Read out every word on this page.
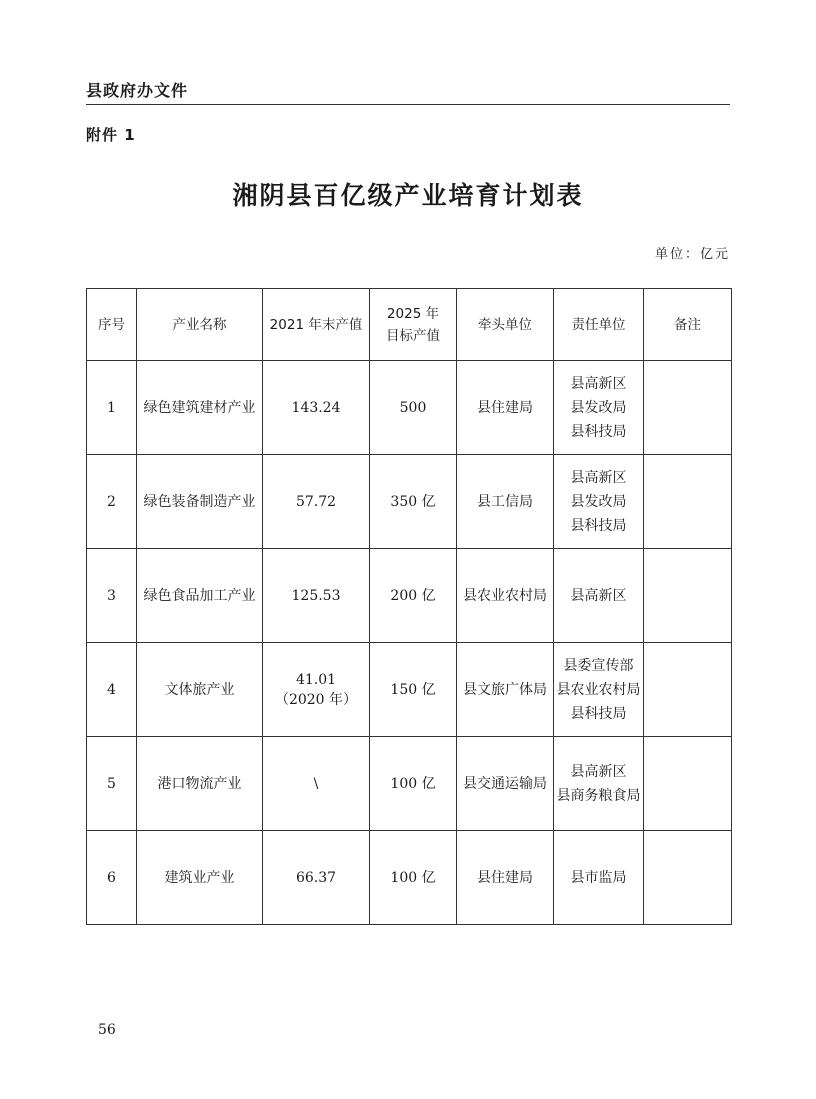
县政府办文件
附件 1
湘阴县百亿级产业培育计划表
单位：亿元
序号	产业名称	2021 年末产值	2025 年
目标产值	牵头单位	责任单位	备注
1	绿色建筑建材产业	143.24	500	县住建局	县高新区
县发改局
县科技局	

2	绿色装备制造产业	57.72	350 亿	县工信局	县高新区
县发改局
县科技局	

3	绿色食品加工产业	125.53	200 亿	县农业农村局	县高新区	

4	文体旅产业	41.01
（2020 年）	150 亿	县文旅广体局	县委宣传部
县农业农村局
县科技局	

5	港口物流产业	\	100 亿	县交通运输局	县高新区
县商务粮食局	

6	建筑业产业	66.37	100 亿	县住建局	县市监局	

56
